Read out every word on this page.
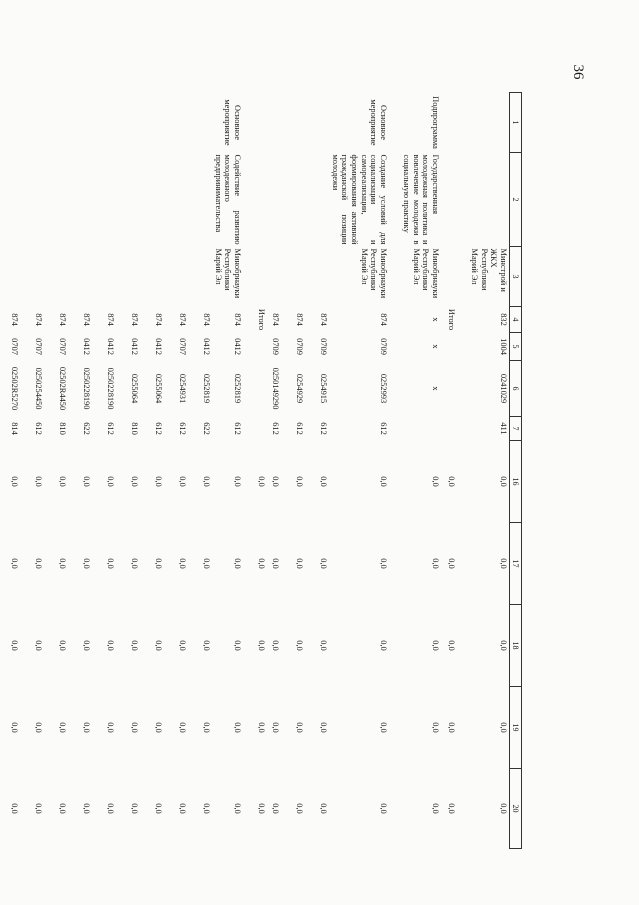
36
1	2	3	4	5	6	7	16	17	18	19	20
		Минстрой и ЖКХ Республики Марий Эл	832	1004	0241029	411	0,0	0,0	0,0	0,0	0,0
			Итого				0,0	0,0	0,0	0,0	0,0
Подпрограмма	Государственная молодежная политика и вовлечение молодежи в социальную практику	Минобрнауки Республики Марий Эл	x	x	x		0,0	0,0	0,0	0,0	0,0
Основное мероприятие	Создание условий для социализации и самореализации, формирования активной гражданской позиции молодежи	Минобрнауки Республики Марий Эл	874	0709	0252993	612	0,0	0,0	0,0	0,0	0,0
			874	0709	0254915	612	0,0	0,0	0,0	0,0	0,0
			874	0709	0254929	612	0,0	0,0	0,0	0,0	0,0
			874	0709	0250149290	612	0,0	0,0	0,0	0,0	0,0
			Итого				0,0	0,0	0,0	0,0	0,0
Основное мероприятие	Содействие развитию молодежного предпринимательства	Минобрнауки Республики Марий Эл	874	0412	0252819	612	0,0	0,0	0,0	0,0	0,0
			874	0412	0252819	622	0,0	0,0	0,0	0,0	0,0
			874	0707	0254931	612	0,0	0,0	0,0	0,0	0,0
			874	0412	0255064	612	0,0	0,0	0,0	0,0	0,0
			874	0412	0255064	810	0,0	0,0	0,0	0,0	0,0
			874	0412	0250228190	612	0,0	0,0	0,0	0,0	0,0
			874	0412	0250228190	622	0,0	0,0	0,0	0,0	0,0
			874	0707	02502R4450	810	0,0	0,0	0,0	0,0	0,0
			874	0707	0250254450	612	0,0	0,0	0,0	0,0	0,0
			874	0707	02502R5270	814	0,0	0,0	0,0	0,0	0,0
